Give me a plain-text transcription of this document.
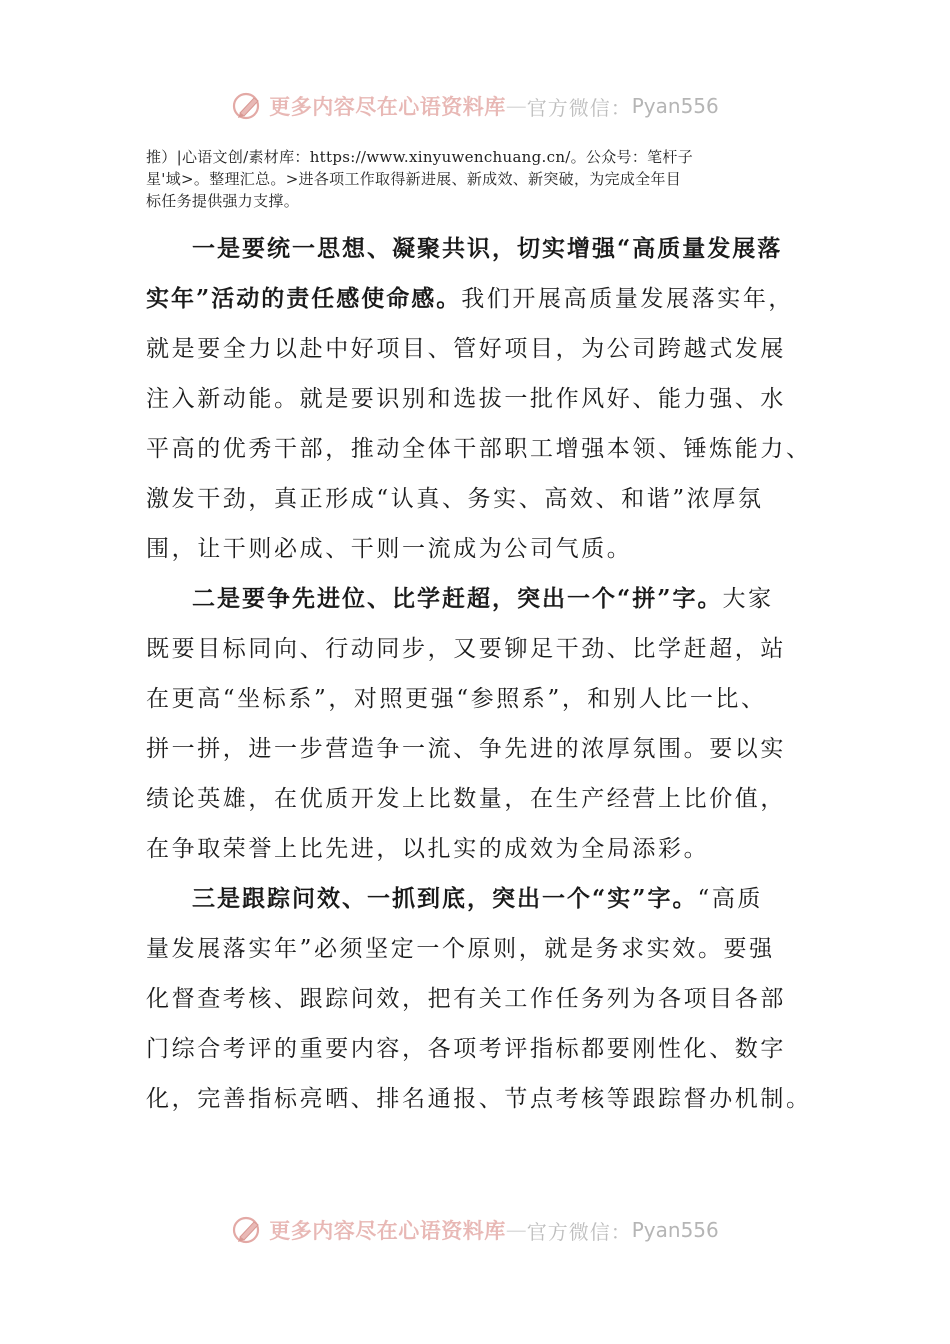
更多内容尽在心语资料库 — 官方微信： Pyan556
推）|心语文创/素材库：https://www.xinyuwenchuang.cn/。公众号：笔杆子
星'域>。整理汇总。>进各项工作取得新进展、新成效、新突破，为完成全年目
标任务提供强力支撑。
一是要统一思想、凝聚共识，切实增强“高质量发展落
实年”活动的责任感使命感。我们开展高质量发展落实年，
就是要全力以赴中好项目、管好项目，为公司跨越式发展
注入新动能。就是要识别和选拔一批作风好、能力强、水
平高的优秀干部，推动全体干部职工增强本领、锤炼能力、
激发干劲，真正形成“认真、务实、高效、和谐”浓厚氛
围，让干则必成、干则一流成为公司气质。
二是要争先进位、比学赶超，突出一个“拼”字。大家
既要目标同向、行动同步，又要铆足干劲、比学赶超，站
在更高“坐标系”，对照更强“参照系”，和别人比一比、
拼一拼，进一步营造争一流、争先进的浓厚氛围。要以实
绩论英雄，在优质开发上比数量，在生产经营上比价值，
在争取荣誉上比先进，以扎实的成效为全局添彩。
三是跟踪问效、一抓到底，突出一个“实”字。“高质
量发展落实年”必须坚定一个原则，就是务求实效。要强
化督查考核、跟踪问效，把有关工作任务列为各项目各部
门综合考评的重要内容，各项考评指标都要刚性化、数字
化，完善指标亮晒、排名通报、节点考核等跟踪督办机制。
更多内容尽在心语资料库 — 官方微信： Pyan556
